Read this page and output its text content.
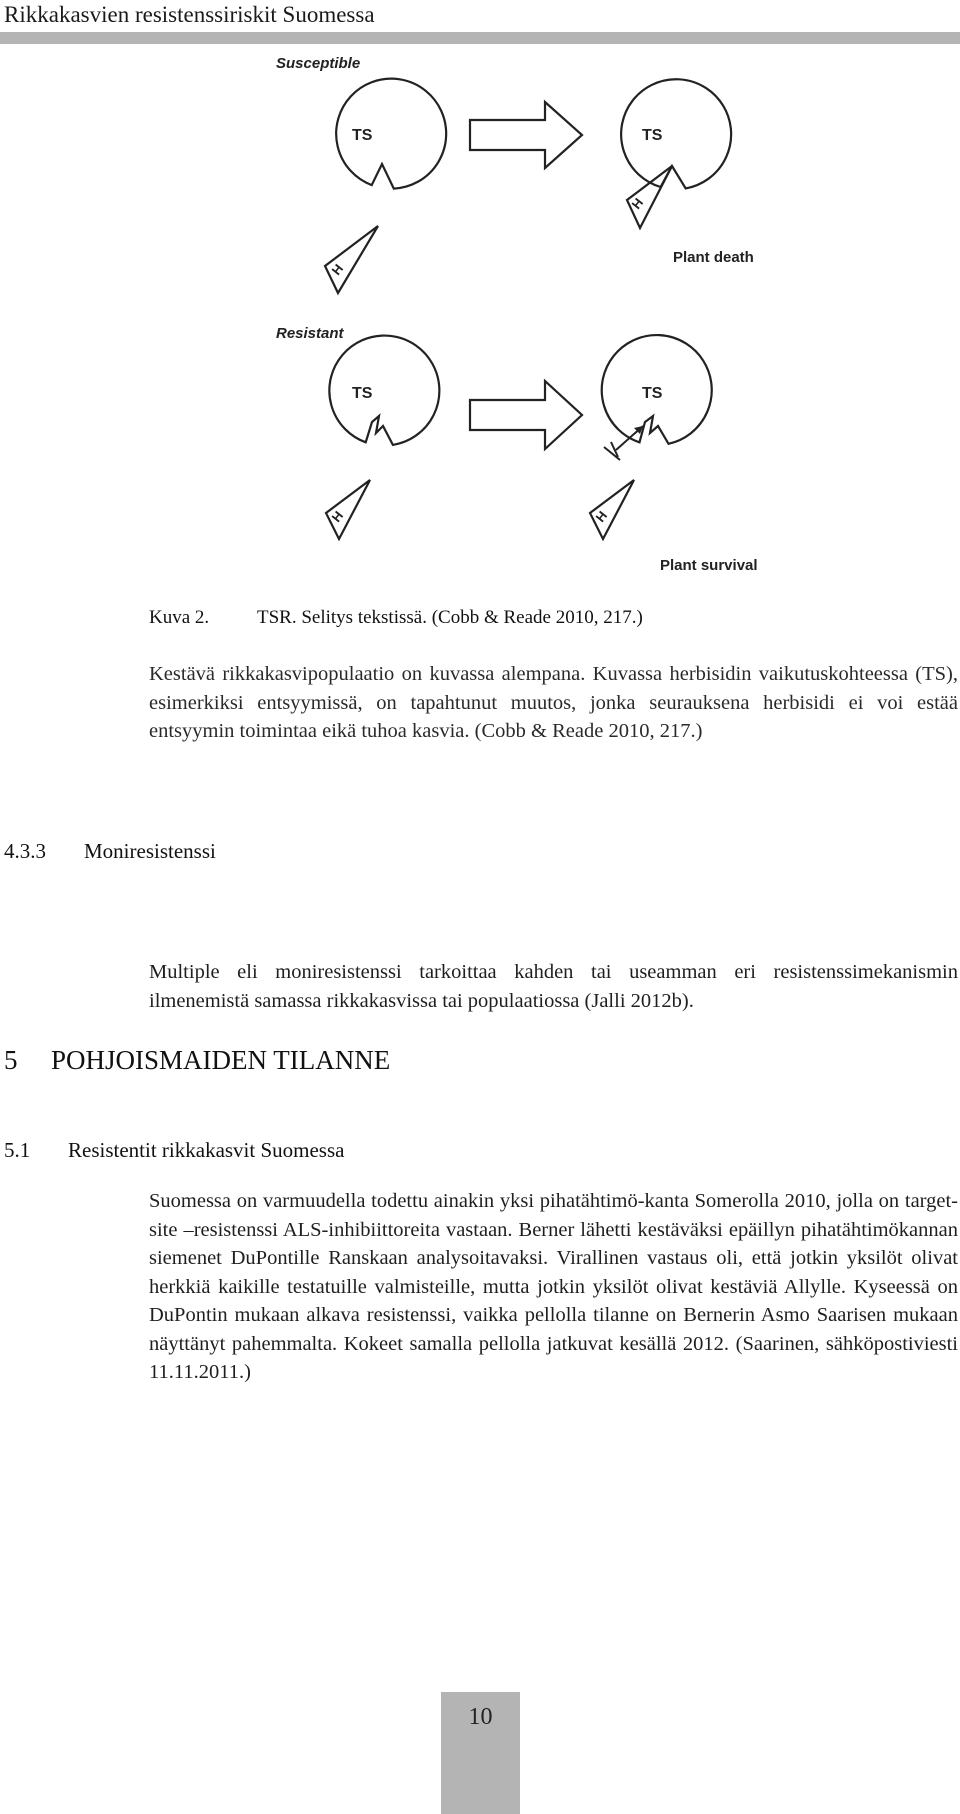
Rikkakasvien resistenssiriskit Suomessa
Susceptible
Resistant
TS	TS
TS	TS
H
H
H	H
Plant death
Plant survival
Kuva 2.	TSR. Selitys tekstissä. (Cobb & Reade 2010, 217.)
Kestävä rikkakasvipopulaatio on kuvassa alempana. Kuvassa herbisidin vaikutuskohteessa (TS), esimerkiksi entsyymissä, on tapahtunut muutos, jonka seurauksena herbisidi ei voi estää entsyymin toimintaa eikä tuhoa kasvia. (Cobb & Reade 2010, 217.)
4.3.3 Moniresistenssi
Multiple eli moniresistenssi tarkoittaa kahden tai useamman eri resistenssimekanismin ilmenemistä samassa rikkakasvissa tai populaatiossa (Jalli 2012b).
5 POHJOISMAIDEN TILANNE
5.1 Resistentit rikkakasvit Suomessa
Suomessa on varmuudella todettu ainakin yksi pihatähtimö-kanta Somerolla 2010, jolla on target-site –resistenssi ALS-inhibiittoreita vastaan. Berner lähetti kestäväksi epäillyn pihatähtimökannan siemenet DuPontille Ranskaan analysoitavaksi. Virallinen vastaus oli, että jotkin yksilöt olivat herkkiä kaikille testatuille valmisteille, mutta jotkin yksilöt olivat kestäviä Allylle. Kyseessä on DuPontin mukaan alkava resistenssi, vaikka pellolla tilanne on Bernerin Asmo Saarisen mukaan näyttänyt pahemmalta. Kokeet samalla pellolla jatkuvat kesällä 2012. (Saarinen, sähköpostiviesti 11.11.2011.)
10
